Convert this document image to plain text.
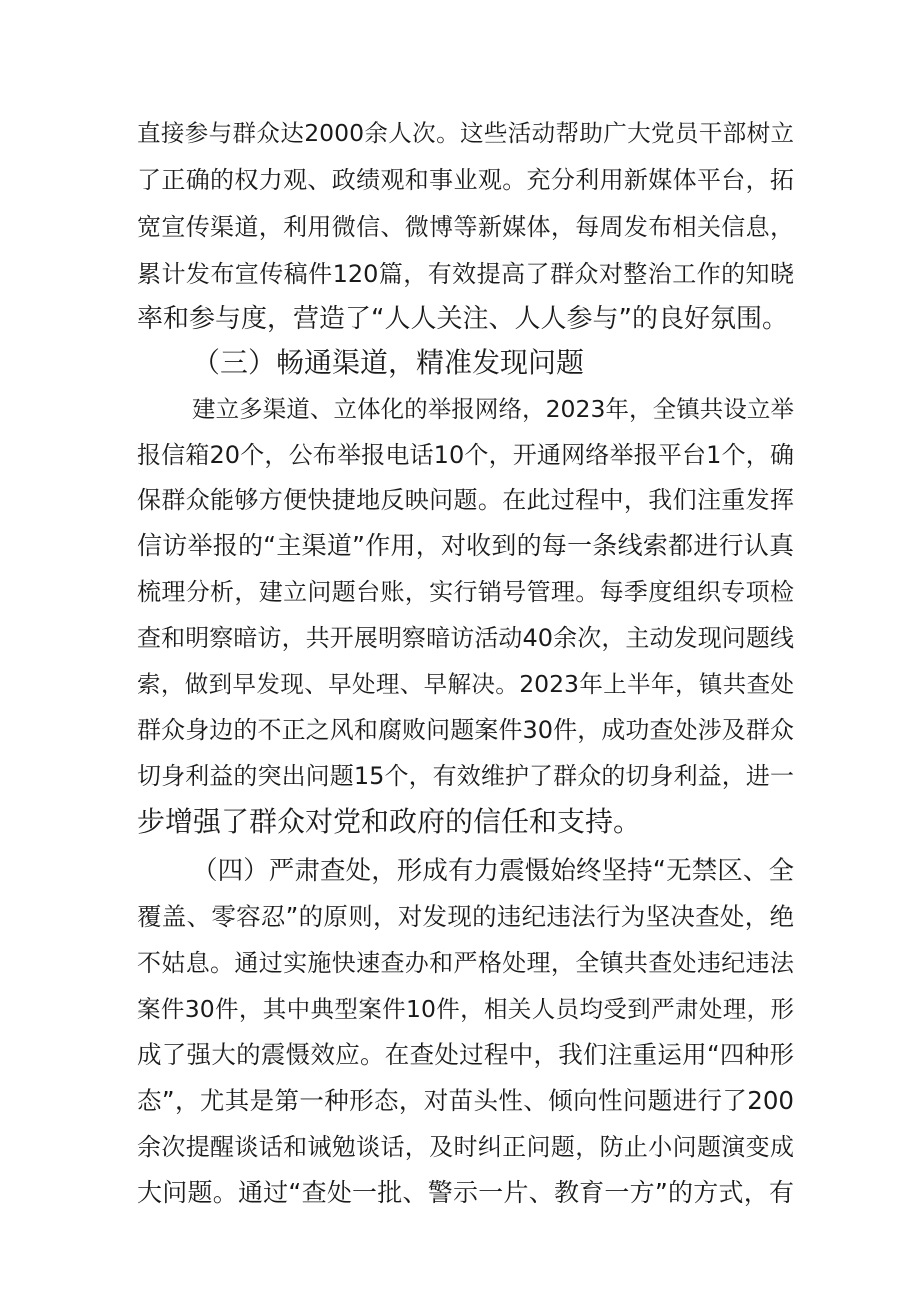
直接参与群众达2000余人次。这些活动帮助广大党员干部树立
了正确的权力观、政绩观和事业观。充分利用新媒体平台，拓
宽宣传渠道，利用微信、微博等新媒体，每周发布相关信息，
累计发布宣传稿件120篇，有效提高了群众对整治工作的知晓
率和参与度，营造了“人人关注、人人参与”的良好氛围。
（三）畅通渠道，精准发现问题
建立多渠道、立体化的举报网络，2023年，全镇共设立举
报信箱20个，公布举报电话10个，开通网络举报平台1个，确
保群众能够方便快捷地反映问题。在此过程中，我们注重发挥
信访举报的“主渠道”作用，对收到的每一条线索都进行认真
梳理分析，建立问题台账，实行销号管理。每季度组织专项检
查和明察暗访，共开展明察暗访活动40余次，主动发现问题线
索，做到早发现、早处理、早解决。2023年上半年，镇共查处
群众身边的不正之风和腐败问题案件30件，成功查处涉及群众
切身利益的突出问题15个，有效维护了群众的切身利益，进一
步增强了群众对党和政府的信任和支持。
（四）严肃查处，形成有力震慑始终坚持“无禁区、全
覆盖、零容忍”的原则，对发现的违纪违法行为坚决查处，绝
不姑息。通过实施快速查办和严格处理，全镇共查处违纪违法
案件30件，其中典型案件10件，相关人员均受到严肃处理，形
成了强大的震慑效应。在查处过程中，我们注重运用“四种形
态”，尤其是第一种形态，对苗头性、倾向性问题进行了200
余次提醒谈话和诫勉谈话，及时纠正问题，防止小问题演变成
大问题。通过“查处一批、警示一片、教育一方”的方式，有
